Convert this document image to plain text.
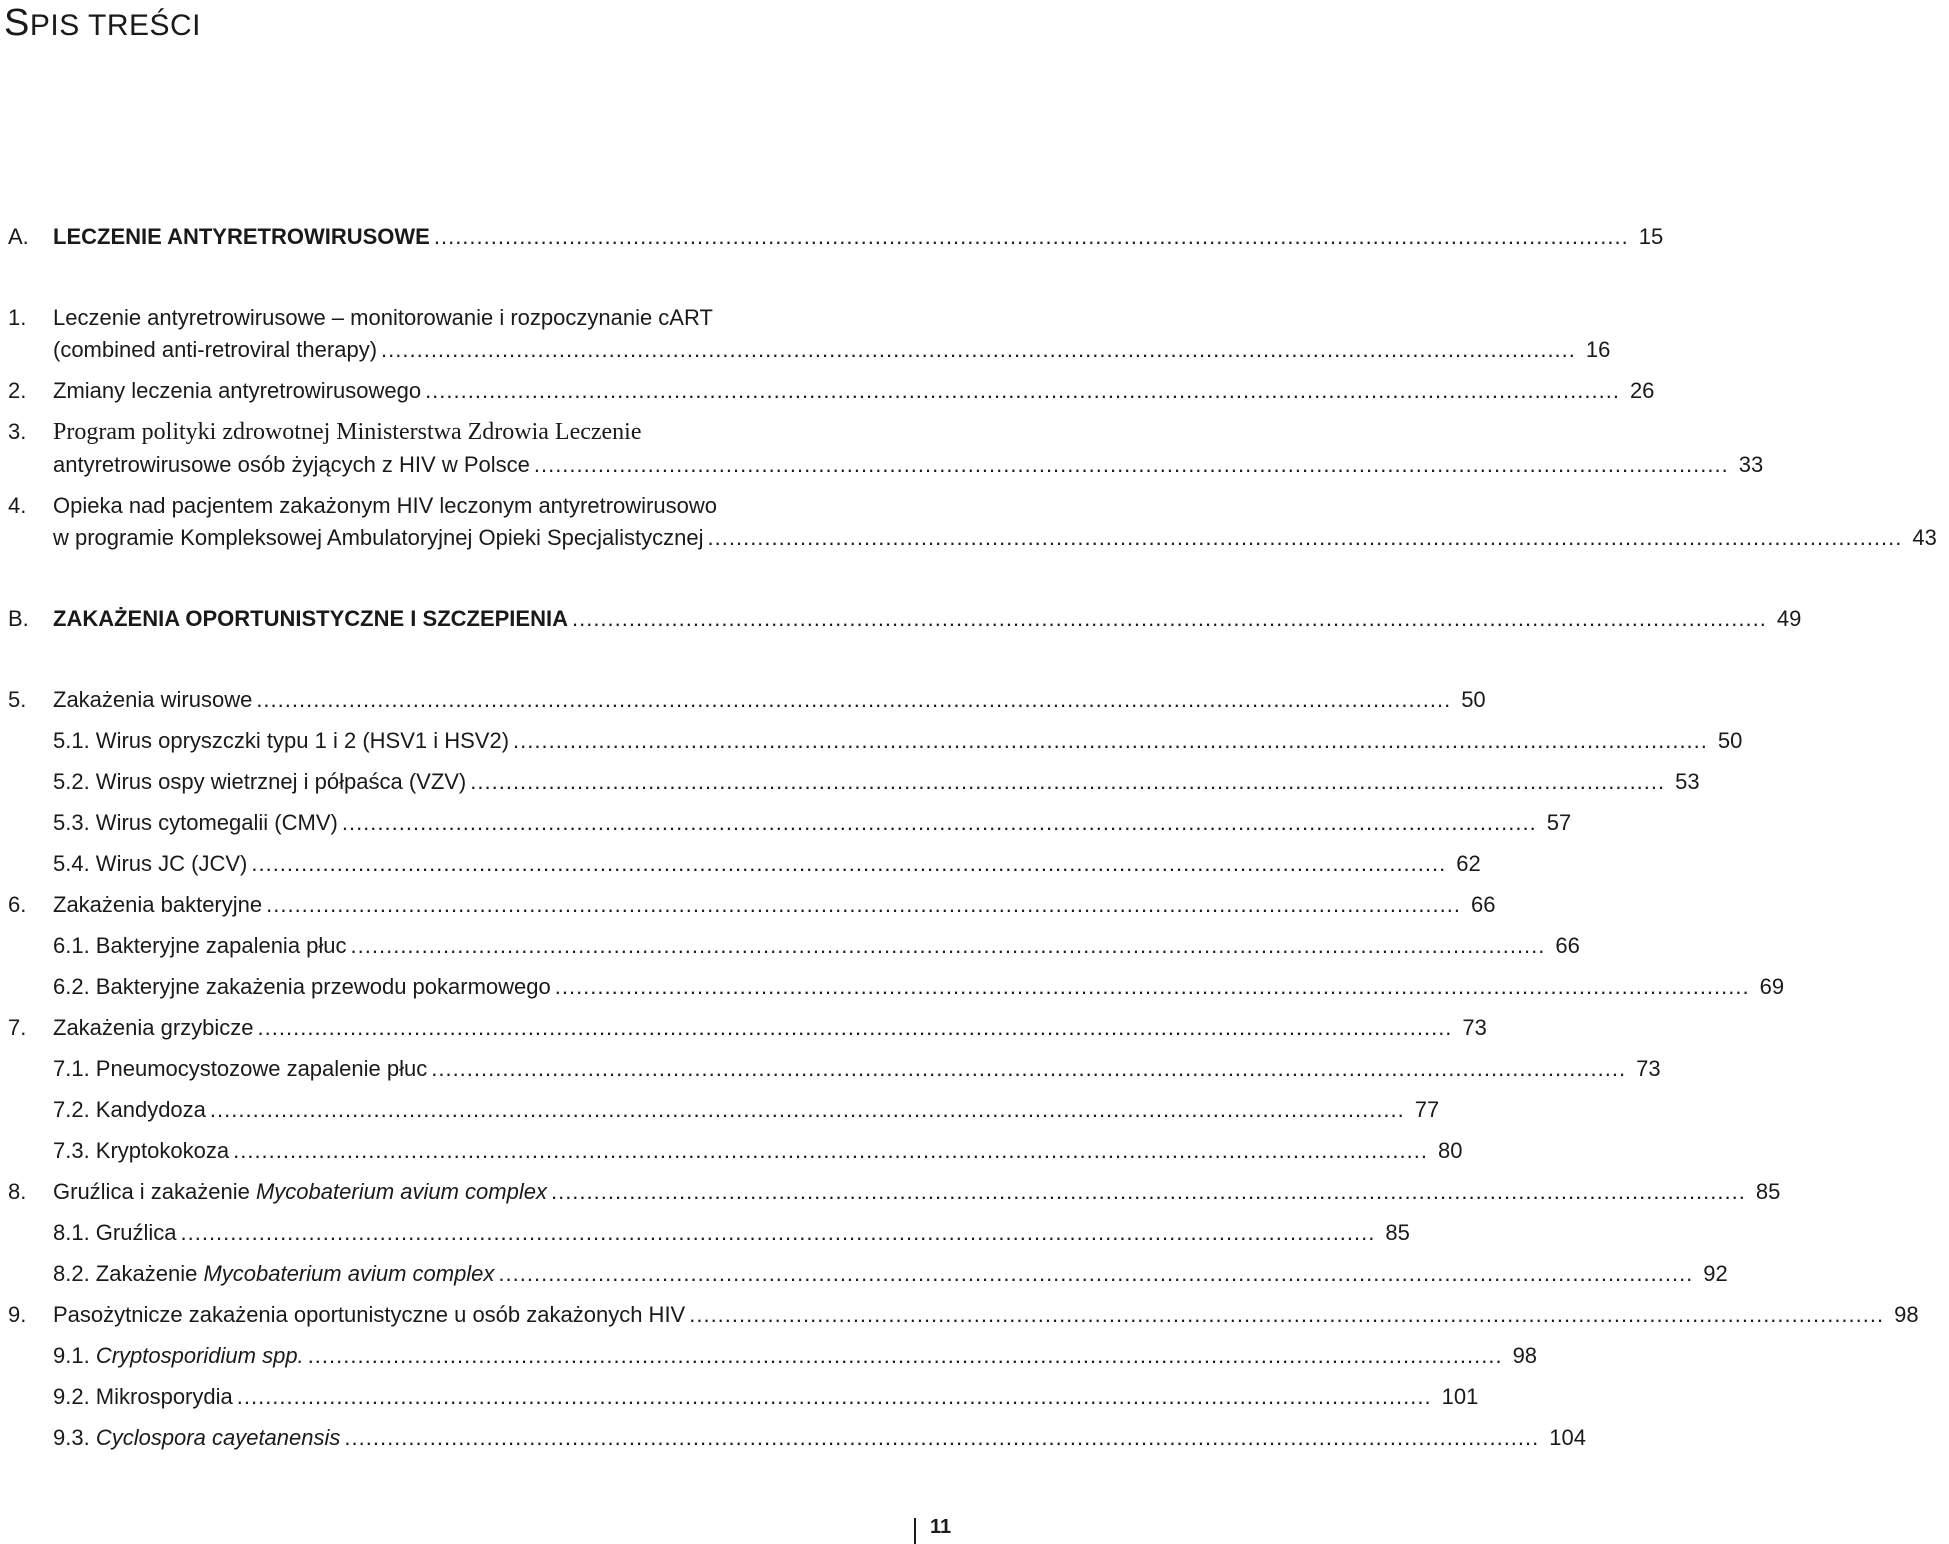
SPIS TREŚCI
A. LECZENIE ANTYRETROWIRUSOWE ........................................................................................................................................................................ 15
1. Leczenie antyretrowirusowe – monitorowanie i rozpoczynanie cART
(combined anti-retroviral therapy) ........................................................................................................................................................................ 16
2. Zmiany leczenia antyretrowirusowego ........................................................................................................................................................................ 26
3. Program polityki zdrowotnej Ministerstwa Zdrowia Leczenie
antyretrowirusowe osób żyjących z HIV w Polsce ........................................................................................................................................................................ 33
4. Opieka nad pacjentem zakażonym HIV leczonym antyretrowirusowo
w programie Kompleksowej Ambulatoryjnej Opieki Specjalistycznej ........................................................................................................................................................................ 43
B. ZAKAŻENIA OPORTUNISTYCZNE I SZCZEPIENIA ........................................................................................................................................................................ 49
5. Zakażenia wirusowe ........................................................................................................................................................................ 50
5.1. Wirus opryszczki typu 1 i 2 (HSV1 i HSV2) ........................................................................................................................................................................ 50
5.2. Wirus ospy wietrznej i półpaśca (VZV) ........................................................................................................................................................................ 53
5.3. Wirus cytomegalii (CMV) ........................................................................................................................................................................ 57
5.4. Wirus JC (JCV) ........................................................................................................................................................................ 62
6. Zakażenia bakteryjne ........................................................................................................................................................................ 66
6.1. Bakteryjne zapalenia płuc ........................................................................................................................................................................ 66
6.2. Bakteryjne zakażenia przewodu pokarmowego ........................................................................................................................................................................ 69
7. Zakażenia grzybicze ........................................................................................................................................................................ 73
7.1. Pneumocystozowe zapalenie płuc ........................................................................................................................................................................ 73
7.2. Kandydoza ........................................................................................................................................................................ 77
7.3. Kryptokokoza ........................................................................................................................................................................ 80
8. Gruźlica i zakażenie Mycobaterium avium complex ........................................................................................................................................................................ 85
8.1. Gruźlica ........................................................................................................................................................................ 85
8.2. Zakażenie Mycobaterium avium complex ........................................................................................................................................................................ 92
9. Pasożytnicze zakażenia oportunistyczne u osób zakażonych HIV ........................................................................................................................................................................ 98
9.1. Cryptosporidium spp. ........................................................................................................................................................................ 98
9.2. Mikrosporydia ........................................................................................................................................................................ 101
9.3. Cyclospora cayetanensis ........................................................................................................................................................................ 104
11
